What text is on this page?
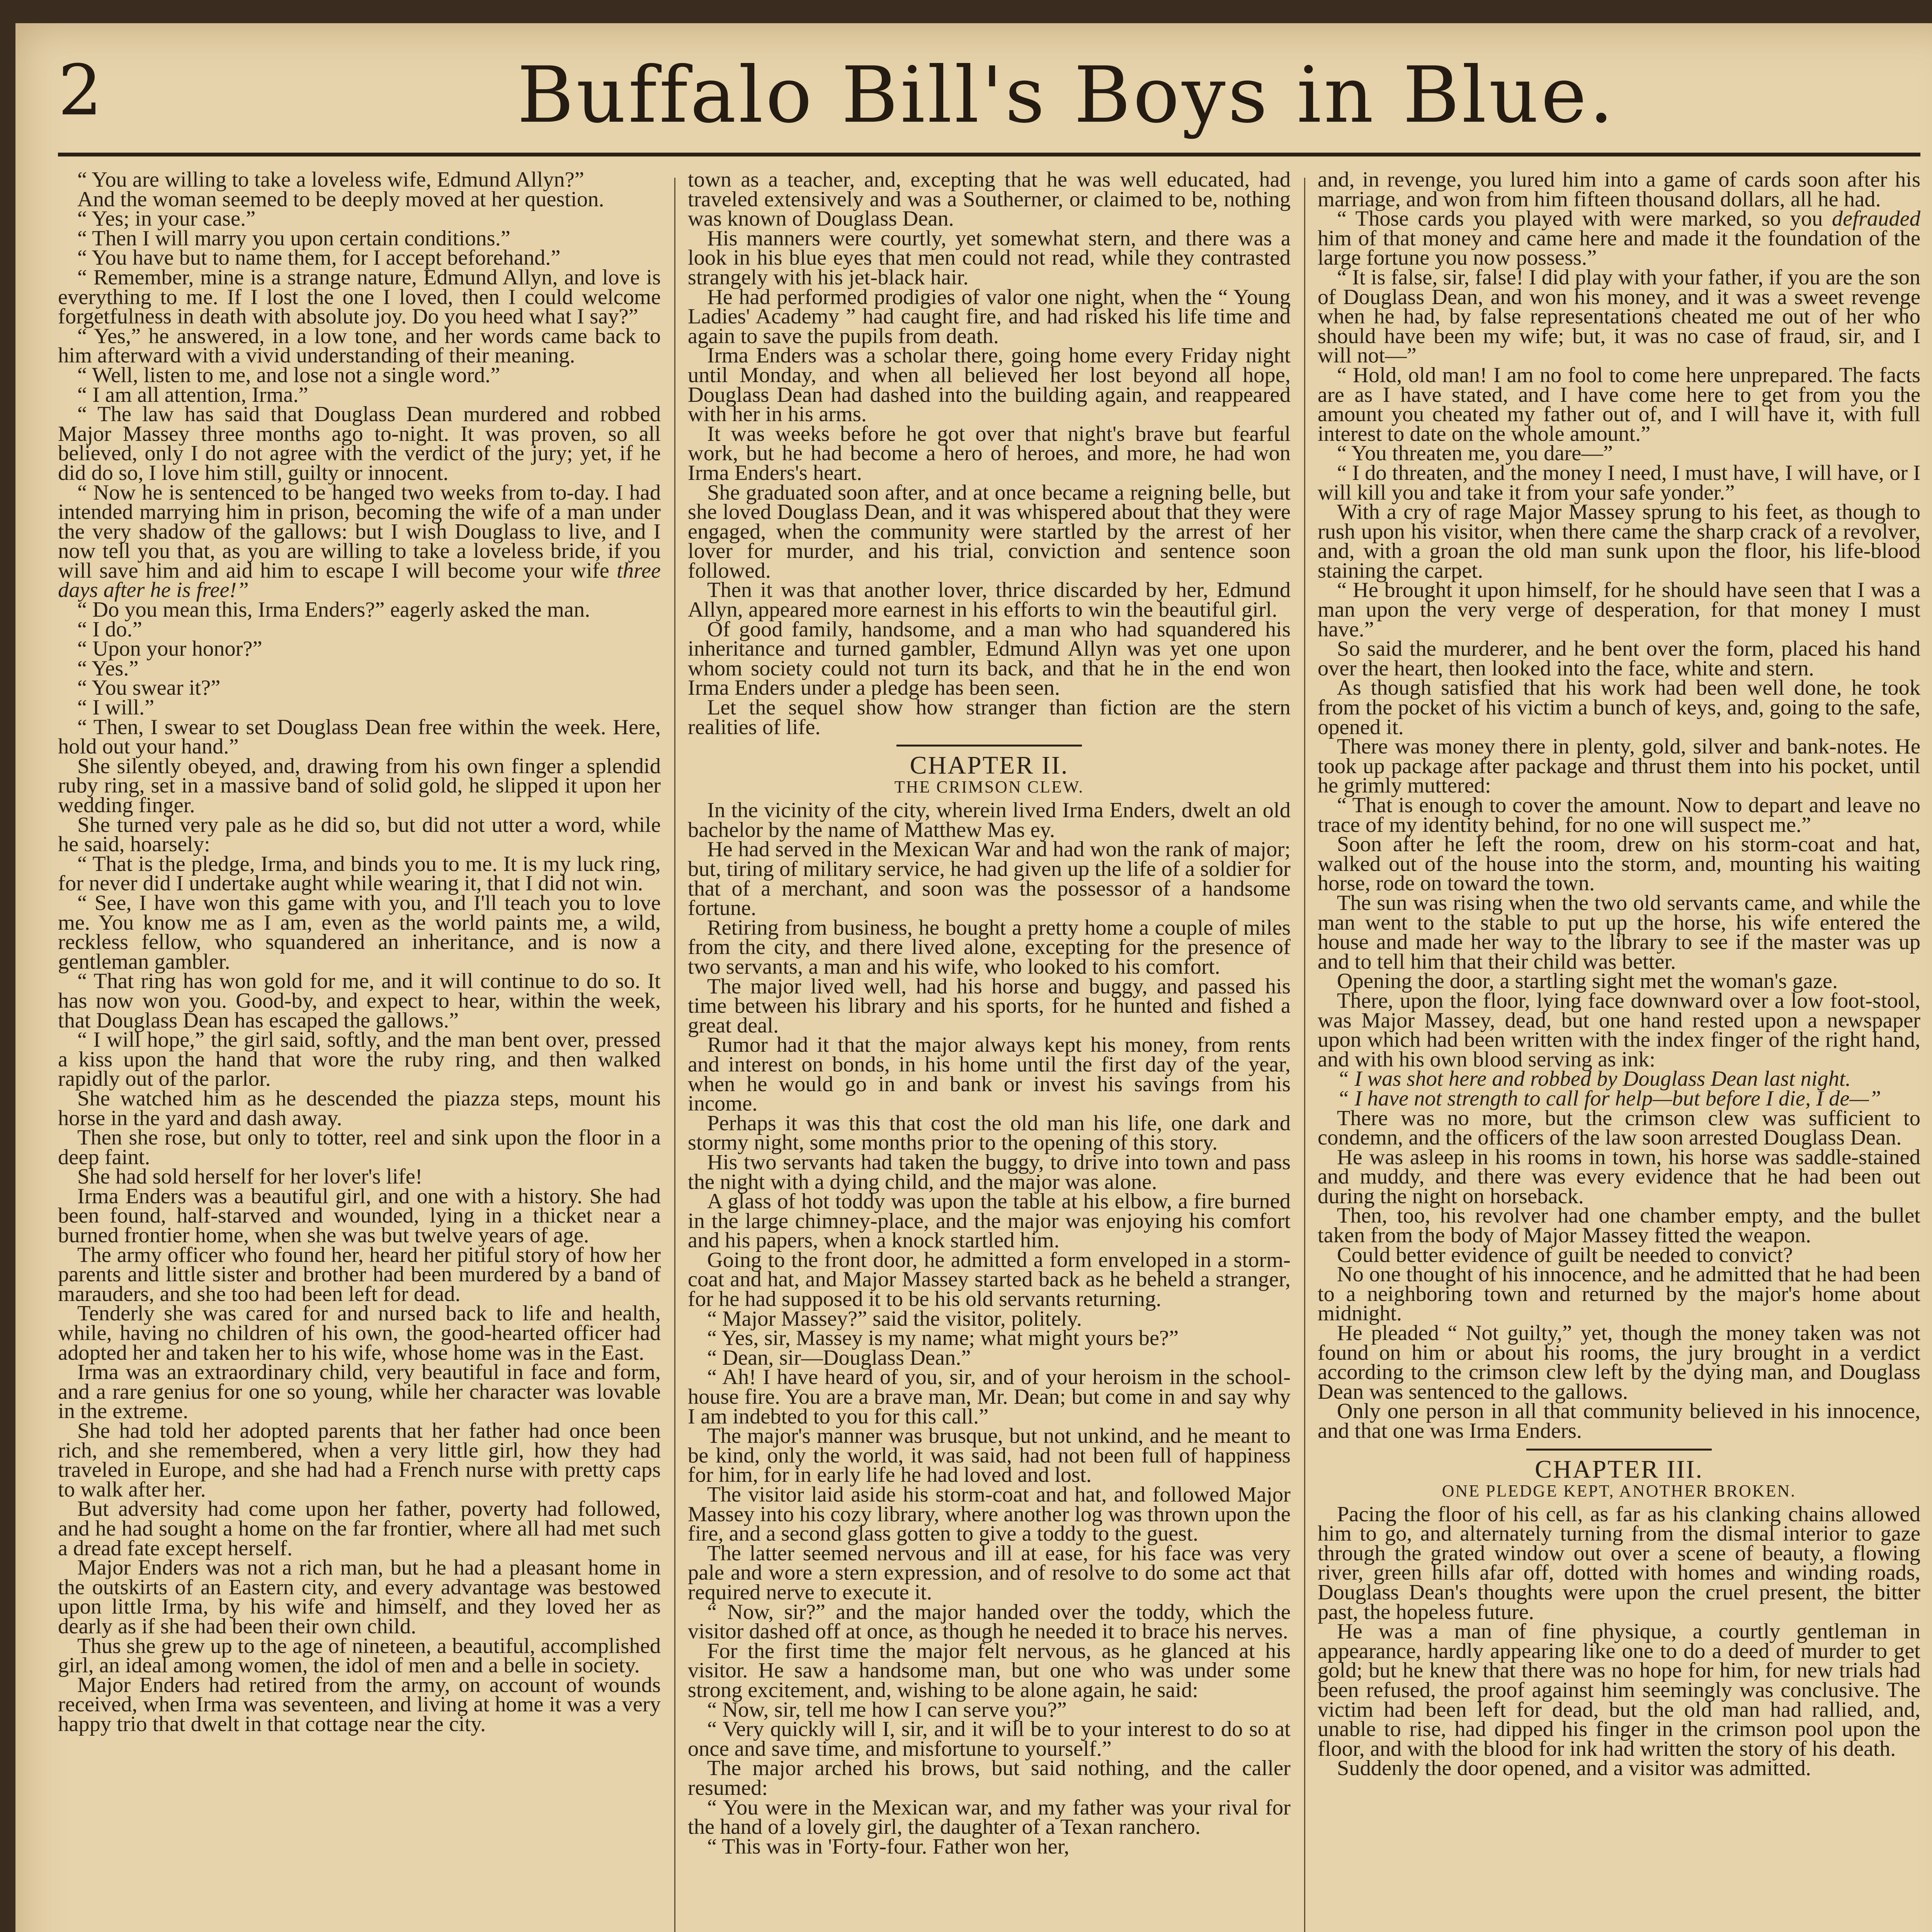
2	Buffalo Bill's Boys in Blue.

“ You are willing to take a loveless wife, Edmund Allyn?”

And the woman seemed to be deeply moved at her question.

“ Yes; in your case.”

“ Then I will marry you upon certain conditions.”

“ You have but to name them, for I accept beforehand.”

“ Remember, mine is a strange nature, Edmund Allyn, and love is everything to me. If I lost the one I loved, then I could welcome forgetfulness in death with absolute joy. Do you heed what I say?”

“ Yes,” he answered, in a low tone, and her words came back to him afterward with a vivid understanding of their meaning.

“ Well, listen to me, and lose not a single word.”

“ I am all attention, Irma.”

“ The law has said that Douglass Dean murdered and robbed Major Massey three months ago to-night. It was proven, so all believed, only I do not agree with the verdict of the jury; yet, if he did do so, I love him still, guilty or innocent.

“ Now he is sentenced to be hanged two weeks from to-day. I had intended marrying him in prison, becoming the wife of a man under the very shadow of the gallows: but I wish Douglass to live, and I now tell you that, as you are willing to take a loveless bride, if you will save him and aid him to escape I will become your wife three days after he is free!”

“ Do you mean this, Irma Enders?” eagerly asked the man.

“ I do.”

“ Upon your honor?”

“ Yes.”

“ You swear it?”

“ I will.”

“ Then, I swear to set Douglass Dean free within the week. Here, hold out your hand.”

She silently obeyed, and, drawing from his own finger a splendid ruby ring, set in a massive band of solid gold, he slipped it upon her wedding finger.

She turned very pale as he did so, but did not utter a word, while he said, hoarsely:

“ That is the pledge, Irma, and binds you to me. It is my luck ring, for never did I undertake aught while wearing it, that I did not win.

“ See, I have won this game with you, and I'll teach you to love me. You know me as I am, even as the world paints me, a wild, reckless fellow, who squandered an inheritance, and is now a gentleman gambler.

“ That ring has won gold for me, and it will continue to do so. It has now won you. Good-by, and expect to hear, within the week, that Douglass Dean has escaped the gallows.”

“ I will hope,” the girl said, softly, and the man bent over, pressed a kiss upon the hand that wore the ruby ring, and then walked rapidly out of the parlor.

She watched him as he descended the piazza steps, mount his horse in the yard and dash away.

Then she rose, but only to totter, reel and sink upon the floor in a deep faint.

She had sold herself for her lover's life!

Irma Enders was a beautiful girl, and one with a history. She had been found, half-starved and wounded, lying in a thicket near a burned frontier home, when she was but twelve years of age.

The army officer who found her, heard her pitiful story of how her parents and little sister and brother had been murdered by a band of marauders, and she too had been left for dead.

Tenderly she was cared for and nursed back to life and health, while, having no children of his own, the good-hearted officer had adopted her and taken her to his wife, whose home was in the East.

Irma was an extraordinary child, very beautiful in face and form, and a rare genius for one so young, while her character was lovable in the extreme.

She had told her adopted parents that her father had once been rich, and she remembered, when a very little girl, how they had traveled in Europe, and she had had a French nurse with pretty caps to walk after her.

But adversity had come upon her father, poverty had followed, and he had sought a home on the far frontier, where all had met such a dread fate except herself.

Major Enders was not a rich man, but he had a pleasant home in the outskirts of an Eastern city, and every advantage was bestowed upon little Irma, by his wife and himself, and they loved her as dearly as if she had been their own child.

Thus she grew up to the age of nineteen, a beautiful, accomplished girl, an ideal among women, the idol of men and a belle in society.

Major Enders had retired from the army, on account of wounds received, when Irma was seventeen, and living at home it was a very happy trio that dwelt in that cottage near the city.

town as a teacher, and, excepting that he was well educated, had traveled extensively and was a Southerner, or claimed to be, nothing was known of Douglass Dean.

His manners were courtly, yet somewhat stern, and there was a look in his blue eyes that men could not read, while they contrasted strangely with his jet-black hair.

He had performed prodigies of valor one night, when the “ Young Ladies' Academy ” had caught fire, and had risked his life time and again to save the pupils from death.

Irma Enders was a scholar there, going home every Friday night until Monday, and when all believed her lost beyond all hope, Douglass Dean had dashed into the building again, and reappeared with her in his arms.

It was weeks before he got over that night's brave but fearful work, but he had become a hero of heroes, and more, he had won Irma Enders's heart.

She graduated soon after, and at once became a reigning belle, but she loved Douglass Dean, and it was whispered about that they were engaged, when the community were startled by the arrest of her lover for murder, and his trial, conviction and sentence soon followed.

Then it was that another lover, thrice discarded by her, Edmund Allyn, appeared more earnest in his efforts to win the beautiful girl.

Of good family, handsome, and a man who had squandered his inheritance and turned gambler, Edmund Allyn was yet one upon whom society could not turn its back, and that he in the end won Irma Enders under a pledge has been seen.

Let the sequel show how stranger than fiction are the stern realities of life.

CHAPTER II.
THE CRIMSON CLEW.

In the vicinity of the city, wherein lived Irma Enders, dwelt an old bachelor by the name of Matthew Mas ey.

He had served in the Mexican War and had won the rank of major; but, tiring of military service, he had given up the life of a soldier for that of a merchant, and soon was the possessor of a handsome fortune.

Retiring from business, he bought a pretty home a couple of miles from the city, and there lived alone, excepting for the presence of two servants, a man and his wife, who looked to his comfort.

The major lived well, had his horse and buggy, and passed his time between his library and his sports, for he hunted and fished a great deal.

Rumor had it that the major always kept his money, from rents and interest on bonds, in his home until the first day of the year, when he would go in and bank or invest his savings from his income.

Perhaps it was this that cost the old man his life, one dark and stormy night, some months prior to the opening of this story.

His two servants had taken the buggy, to drive into town and pass the night with a dying child, and the major was alone.

A glass of hot toddy was upon the table at his elbow, a fire burned in the large chimney-place, and the major was enjoying his comfort and his papers, when a knock startled him.

Going to the front door, he admitted a form enveloped in a storm-coat and hat, and Major Massey started back as he beheld a stranger, for he had supposed it to be his old servants returning.

“ Major Massey?” said the visitor, politely.

“ Yes, sir, Massey is my name; what might yours be?”

“ Dean, sir—Douglass Dean.”

“ Ah! I have heard of you, sir, and of your heroism in the school-house fire. You are a brave man, Mr. Dean; but come in and say why I am indebted to you for this call.”

The major's manner was brusque, but not unkind, and he meant to be kind, only the world, it was said, had not been full of happiness for him, for in early life he had loved and lost.

The visitor laid aside his storm-coat and hat, and followed Major Massey into his cozy library, where another log was thrown upon the fire, and a second glass gotten to give a toddy to the guest.

The latter seemed nervous and ill at ease, for his face was very pale and wore a stern expression, and of resolve to do some act that required nerve to execute it.

“ Now, sir?” and the major handed over the toddy, which the visitor dashed off at once, as though he needed it to brace his nerves.

For the first time the major felt nervous, as he glanced at his visitor. He saw a handsome man, but one who was under some strong excitement, and, wishing to be alone again, he said:

“ Now, sir, tell me how I can serve you?”

“ Very quickly will I, sir, and it will be to your interest to do so at once and save time, and misfortune to yourself.”

The major arched his brows, but said nothing, and the caller resumed:

“ You were in the Mexican war, and my father was your rival for the hand of a lovely girl, the daughter of a Texan ranchero.

“ This was in 'Forty-four. Father won her,

and, in revenge, you lured him into a game of cards soon after his marriage, and won from him fifteen thousand dollars, all he had.

“ Those cards you played with were marked, so you defrauded him of that money and came here and made it the foundation of the large fortune you now possess.”

“ It is false, sir, false! I did play with your father, if you are the son of Douglass Dean, and won his money, and it was a sweet revenge when he had, by false representations cheated me out of her who should have been my wife; but, it was no case of fraud, sir, and I will not—”

“ Hold, old man! I am no fool to come here unprepared. The facts are as I have stated, and I have come here to get from you the amount you cheated my father out of, and I will have it, with full interest to date on the whole amount.”

“ You threaten me, you dare—”

“ I do threaten, and the money I need, I must have, I will have, or I will kill you and take it from your safe yonder.”

With a cry of rage Major Massey sprung to his feet, as though to rush upon his visitor, when there came the sharp crack of a revolver, and, with a groan the old man sunk upon the floor, his life-blood staining the carpet.

“ He brought it upon himself, for he should have seen that I was a man upon the very verge of desperation, for that money I must have.”

So said the murderer, and he bent over the form, placed his hand over the heart, then looked into the face, white and stern.

As though satisfied that his work had been well done, he took from the pocket of his victim a bunch of keys, and, going to the safe, opened it.

There was money there in plenty, gold, silver and bank-notes. He took up package after package and thrust them into his pocket, until he grimly muttered:

“ That is enough to cover the amount. Now to depart and leave no trace of my identity behind, for no one will suspect me.”

Soon after he left the room, drew on his storm-coat and hat, walked out of the house into the storm, and, mounting his waiting horse, rode on toward the town.

The sun was rising when the two old servants came, and while the man went to the stable to put up the horse, his wife entered the house and made her way to the library to see if the master was up and to tell him that their child was better.

Opening the door, a startling sight met the woman's gaze.

There, upon the floor, lying face downward over a low foot-stool, was Major Massey, dead, but one hand rested upon a newspaper upon which had been written with the index finger of the right hand, and with his own blood serving as ink:

“ I was shot here and robbed by Douglass Dean last night.

“ I have not strength to call for help—but before I die, I de—”

There was no more, but the crimson clew was sufficient to condemn, and the officers of the law soon arrested Douglass Dean.

He was asleep in his rooms in town, his horse was saddle-stained and muddy, and there was every evidence that he had been out during the night on horseback.

Then, too, his revolver had one chamber empty, and the bullet taken from the body of Major Massey fitted the weapon.

Could better evidence of guilt be needed to convict?

No one thought of his innocence, and he admitted that he had been to a neighboring town and returned by the major's home about midnight.

He pleaded “ Not guilty,” yet, though the money taken was not found on him or about his rooms, the jury brought in a verdict according to the crimson clew left by the dying man, and Douglass Dean was sentenced to the gallows.

Only one person in all that community believed in his innocence, and that one was Irma Enders.

CHAPTER III.
ONE PLEDGE KEPT, ANOTHER BROKEN.

Pacing the floor of his cell, as far as his clanking chains allowed him to go, and alternately turning from the dismal interior to gaze through the grated window out over a scene of beauty, a flowing river, green hills afar off, dotted with homes and winding roads, Douglass Dean's thoughts were upon the cruel present, the bitter past, the hopeless future.

He was a man of fine physique, a courtly gentleman in appearance, hardly appearing like one to do a deed of murder to get gold; but he knew that there was no hope for him, for new trials had been refused, the proof against him seemingly was conclusive. The victim had been left for dead, but the old man had rallied, and, unable to rise, had dipped his finger in the crimson pool upon the floor, and with the blood for ink had written the story of his death.

Suddenly the door opened, and a visitor was admitted.
